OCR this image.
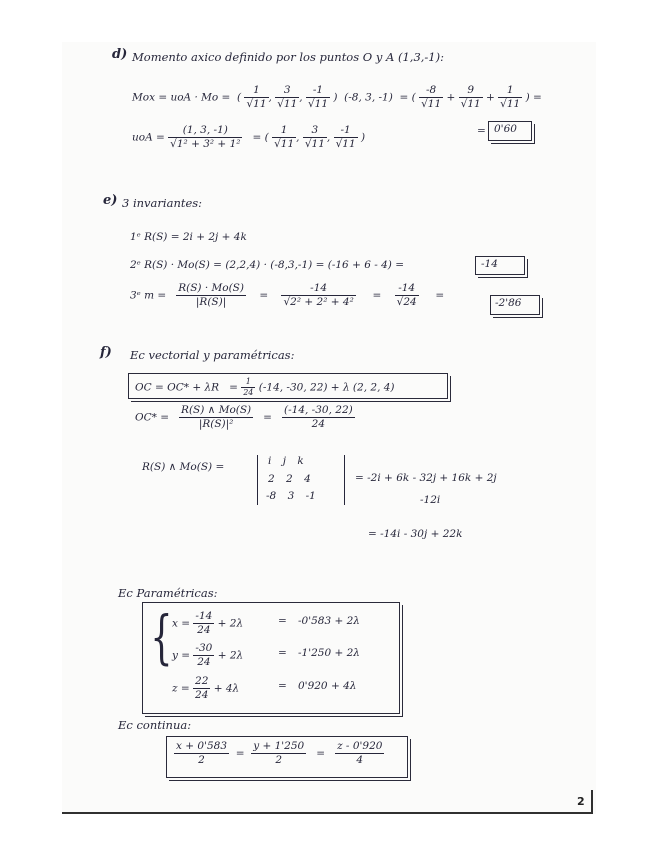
d) Momento axico definido por los puntos O y A (1,3,-1):
Mox = uoA · Mo =  ( $\frac{1}{√11}$ , $\frac{3}{√11}$ , $\frac{-1}{√11}$ )  (-8, 3, -1)  = ( $\frac{-8}{√11} + \frac{9}{√11} + \frac{1}{√11}$ ) =
uoA = $\frac{(1, 3, -1)}{\text{√1² + 3² + 1²}}$ = ( $\frac{1}{√11}$ , $\frac{3}{√11}$ , $\frac{-1}{√11}$ )
= 0'60
e) 3 invariantes:
1ᵉ R(S) = 2i + 2j + 4k
2ᵉ R(S) · Mo(S) = (2,2,4) · (-8,3,-1) = (-16 + 6 - 4) =	-14
3ᵉ $m = \frac{R(S) \cdot Mo(S)}{|R(S)|} = \frac{-14}{\text{√2² + 2² + 4²}} = \frac{-14}{√24}$ =
-2'86
f) Ec vectorial y paramétricas:
OC = $OC* + \lambda R = \frac{1}{24} (-14$, -30, 22) + λ (2, 2, 4)
$OC* = \frac{R(S) \wedge Mo(S)}{\text{|R(S)|²}} = \frac{(-14, -30, 22)}{24}$
R(S) ∧ Mo(S) =	i j k
2 2 4
-8 3 -1
= -2i + 6k - 32j + 16k + 2j
-12i
= -14i - 30j + 22k
Ec Paramétricas:
{ $x = \frac{-14}{24} + 2\lambda$	= -0'583 + 2λ
$y = \frac{-30}{24} + 2\lambda$	= -1'250 + 2λ
$z = \frac{22}{24} + 4\lambda$	= 0'920 + 4λ
Ec continua:
$\frac{x + 0'583}{2} = \frac{y + 1'250}{2} = \frac{z - 0'920}{4}$
2
